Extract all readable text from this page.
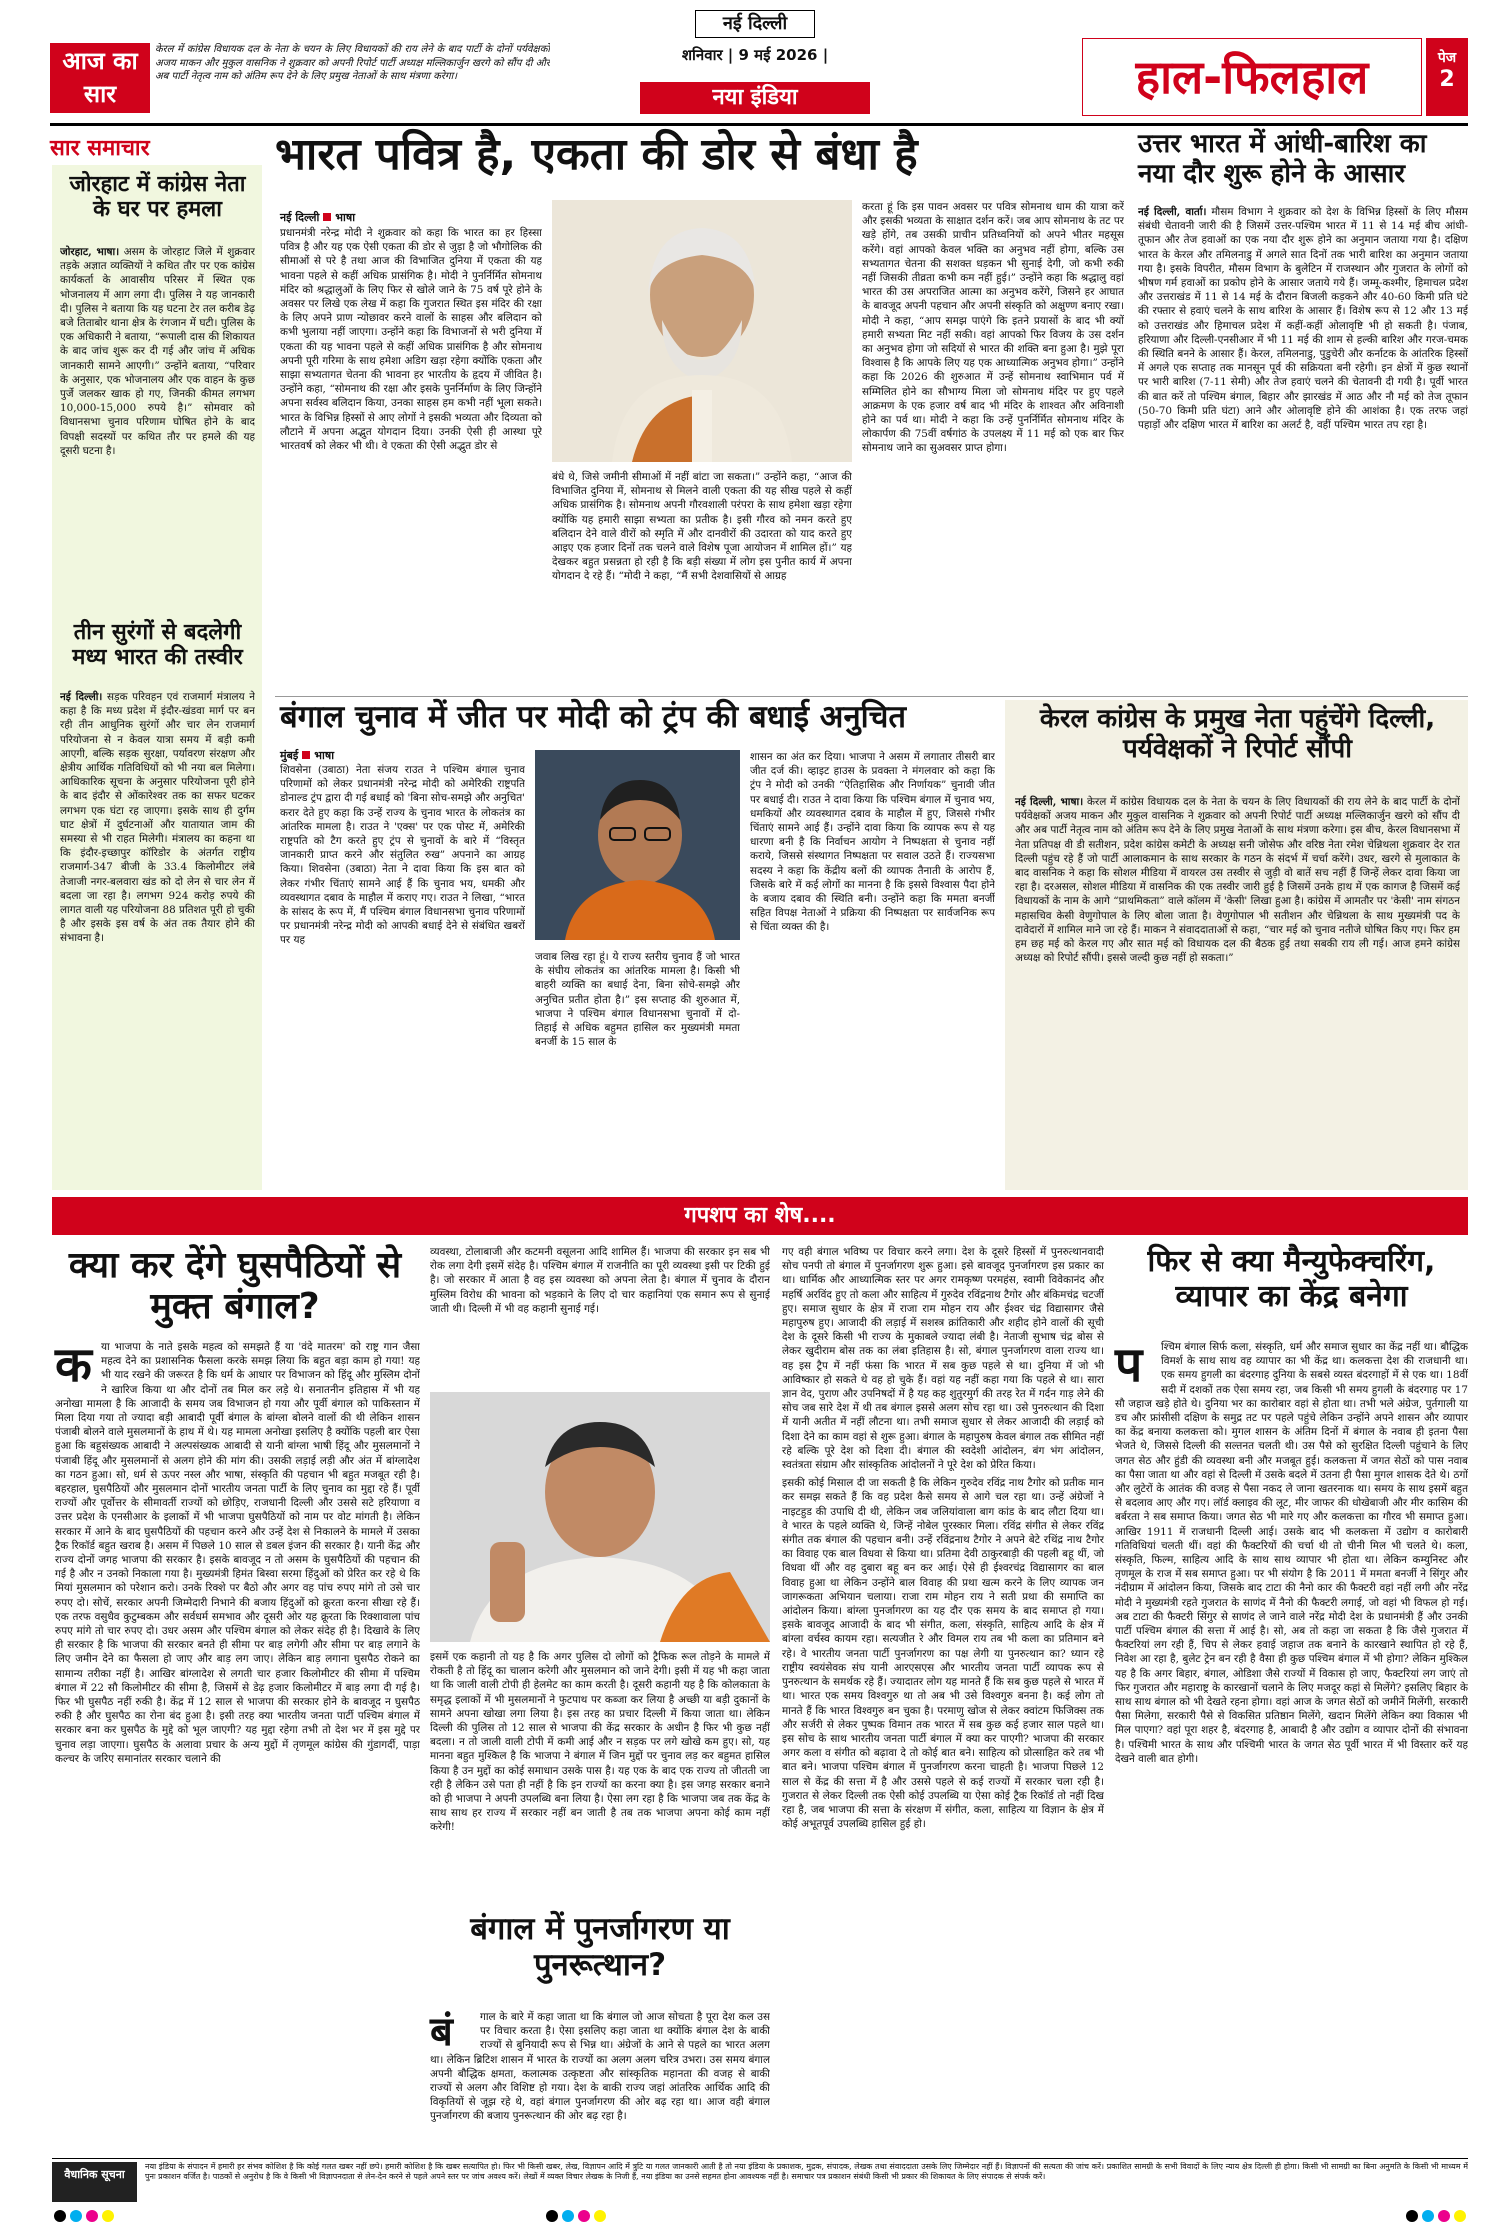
आज का सार
केरल में कांग्रेस विधायक दल के नेता के चयन के लिए विधायकों की राय लेने के बाद पार्टी के दोनों पर्यवेक्षकों अजय माकन और मुकुल वासनिक ने शुक्रवार को अपनी रिपोर्ट पार्टी अध्यक्ष मल्लिकार्जुन खरगे को सौंप दी और अब पार्टी नेतृत्व नाम को अंतिम रूप देने के लिए प्रमुख नेताओं के साथ मंत्रणा करेगा।
नई दिल्ली
शनिवार | 9 मई 2026 |
नया इंडिया	हाल-फिलहाल	पेज
2
सार समाचार
जोरहाट में कांग्रेस नेता के घर पर हमला
जोरहाट, भाषा। असम के जोरहाट जिले में शुक्रवार तड़के अज्ञात व्यक्तियों ने कथित तौर पर एक कांग्रेस कार्यकर्ता के आवासीय परिसर में स्थित एक भोजनालय में आग लगा दी। पुलिस ने यह जानकारी दी। पुलिस ने बताया कि यह घटना टेर तल करीब डेढ़ बजे तिताबोर थाना क्षेत्र के रंगजान में घटी। पुलिस के एक अधिकारी ने बताया, “रूपाली दास की शिकायत के बाद जांच शुरू कर दी गई और जांच में अधिक जानकारी सामने आएगी।” उन्होंने बताया, “परिवार के अनुसार, एक भोजनालय और एक वाहन के कुछ पुर्जे जलकर खाक हो गए, जिनकी कीमत लगभग 10,000-15,000 रुपये है।” सोमवार को विधानसभा चुनाव परिणाम घोषित होने के बाद विपक्षी सदस्यों पर कथित तौर पर हमले की यह दूसरी घटना है।
तीन सुरंगों से बदलेगी मध्य भारत की तस्वीर
नई दिल्ली। सड़क परिवहन एवं राजमार्ग मंत्रालय ने कहा है कि मध्य प्रदेश में इंदौर-खंडवा मार्ग पर बन रही तीन आधुनिक सुरंगों और चार लेन राजमार्ग परियोजना से न केवल यात्रा समय में बड़ी कमी आएगी, बल्कि सड़क सुरक्षा, पर्यावरण संरक्षण और क्षेत्रीय आर्थिक गतिविधियों को भी नया बल मिलेगा। आधिकारिक सूचना के अनुसार परियोजना पूरी होने के बाद इंदौर से ओंकारेश्वर तक का सफर घटकर लगभग एक घंटा रह जाएगा। इसके साथ ही दुर्गम घाट क्षेत्रों में दुर्घटनाओं और यातायात जाम की समस्या से भी राहत मिलेगी। मंत्रालय का कहना था कि इंदौर-इच्छापुर कॉरिडोर के अंतर्गत राष्ट्रीय राजमार्ग-347 बीजी के 33.4 किलोमीटर लंबे तेजाजी नगर-बलवारा खंड को दो लेन से चार लेन में बदला जा रहा है। लगभग 924 करोड़ रुपये की लागत वाली यह परियोजना 88 प्रतिशत पूरी हो चुकी है और इसके इस वर्ष के अंत तक तैयार होने की संभावना है।
भारत पवित्र है, एकता की डोर से बंधा है
नई दिल्ली भाषा
प्रधानमंत्री नरेन्द्र मोदी ने शुक्रवार को कहा कि भारत का हर हिस्सा पवित्र है और यह एक ऐसी एकता की डोर से जुड़ा है जो भौगोलिक की सीमाओं से परे है तथा आज की विभाजित दुनिया में एकता की यह भावना पहले से कहीं अधिक प्रासंगिक है। मोदी ने पुनर्निर्मित सोमनाथ मंदिर को श्रद्धालुओं के लिए फिर से खोले जाने के 75 वर्ष पूरे होने के अवसर पर लिखे एक लेख में कहा कि गुजरात स्थित इस मंदिर की रक्षा के लिए अपने प्राण न्योछावर करने वालों के साहस और बलिदान को कभी भुलाया नहीं जाएगा। उन्होंने कहा कि विभाजनों से भरी दुनिया में एकता की यह भावना पहले से कहीं अधिक प्रासंगिक है और सोमनाथ अपनी पूरी गरिमा के साथ हमेशा अडिग खड़ा रहेगा क्योंकि एकता और साझा सभ्यतागत चेतना की भावना हर भारतीय के हृदय में जीवित है। उन्होंने कहा, “सोमनाथ की रक्षा और इसके पुनर्निर्माण के लिए जिन्होंने अपना सर्वस्व बलिदान किया, उनका साहस हम कभी नहीं भूला सकते। भारत के विभिन्न हिस्सों से आए लोगों ने इसकी भव्यता और दिव्यता को लौटाने में अपना अद्भुत योगदान दिया। उनकी ऐसी ही आस्था पूरे भारतवर्ष को लेकर भी थी। वे एकता की ऐसी अद्भुत डोर से
बंधे थे, जिसे जमीनी सीमाओं में नहीं बांटा जा सकता।” उन्होंने कहा, “आज की विभाजित दुनिया में, सोमनाथ से मिलने वाली एकता की यह सीख पहले से कहीं अधिक प्रासंगिक है। सोमनाथ अपनी गौरवशाली परंपरा के साथ हमेशा खड़ा रहेगा क्योंकि यह हमारी साझा सभ्यता का प्रतीक है। इसी गौरव को नमन करते हुए बलिदान देने वाले वीरों को स्मृति में और दानवीरों की उदारता को याद करते हुए आइए एक हजार दिनों तक चलने वाले विशेष पूजा आयोजन में शामिल हों।” यह देखकर बहुत प्रसन्नता हो रही है कि बड़ी संख्या में लोग इस पुनीत कार्य में अपना योगदान दे रहे हैं। “मोदी ने कहा, “मैं सभी देशवासियों से आग्रह
करता हूं कि इस पावन अवसर पर पवित्र सोमनाथ धाम की यात्रा करें और इसकी भव्यता के साक्षात दर्शन करें। जब आप सोमनाथ के तट पर खड़े होंगे, तब उसकी प्राचीन प्रतिध्वनियों को अपने भीतर महसूस करेंगे। वहां आपको केवल भक्ति का अनुभव नहीं होगा, बल्कि उस सभ्यतागत चेतना की सशक्त धड़कन भी सुनाई देगी, जो कभी रुकी नहीं जिसकी तीव्रता कभी कम नहीं हुई।” उन्होंने कहा कि श्रद्धालु वहां भारत की उस अपराजित आत्मा का अनुभव करेंगे, जिसने हर आघात के बावजूद अपनी पहचान और अपनी संस्कृति को अक्षुण्ण बनाए रखा। मोदी ने कहा, “आप समझ पाएंगे कि इतने प्रयासों के बाद भी क्यों हमारी सभ्यता मिट नहीं सकी। वहां आपको फिर विजय के उस दर्शन का अनुभव होगा जो सदियों से भारत की शक्ति बना हुआ है। मुझे पूरा विश्वास है कि आपके लिए यह एक आध्यात्मिक अनुभव होगा।” उन्होंने कहा कि 2026 की शुरुआत में उन्हें सोमनाथ स्वाभिमान पर्व में सम्मिलित होने का सौभाग्य मिला जो सोमनाथ मंदिर पर हुए पहले आक्रमण के एक हजार वर्ष बाद भी मंदिर के शाश्वत और अविनाशी होने का पर्व था। मोदी ने कहा कि उन्हें पुनर्निर्मित सोमनाथ मंदिर के लोकार्पण की 75वीं वर्षगांठ के उपलक्ष्य में 11 मई को एक बार फिर सोमनाथ जाने का सुअवसर प्राप्त होगा।
उत्तर भारत में आंधी-बारिश का नया दौर शुरू होने के आसार
नई दिल्ली, वार्ता। मौसम विभाग ने शुक्रवार को देश के विभिन्न हिस्सों के लिए मौसम संबंधी चेतावनी जारी की है जिसमें उत्तर-पश्चिम भारत में 11 से 14 मई बीच आंधी-तूफान और तेज हवाओं का एक नया दौर शुरू होने का अनुमान जताया गया है। दक्षिण भारत के केरल और तमिलनाडु में अगले सात दिनों तक भारी बारिश का अनुमान जताया गया है। इसके विपरीत, मौसम विभाग के बुलेटिन में राजस्थान और गुजरात के लोगों को भीषण गर्म हवाओं का प्रकोप होने के आसार जताये गये हैं। जम्मू-कश्मीर, हिमाचल प्रदेश और उत्तराखंड में 11 से 14 मई के दौरान बिजली कड़कने और 40-60 किमी प्रति घंटे की रफ्तार से हवाएं चलने के साथ बारिश के आसार हैं। विशेष रूप से 12 और 13 मई को उत्तराखंड और हिमाचल प्रदेश में कहीं-कहीं ओलावृष्टि भी हो सकती है। पंजाब, हरियाणा और दिल्ली-एनसीआर में भी 11 मई की शाम से हल्की बारिश और गरज-चमक की स्थिति बनने के आसार हैं। केरल, तमिलनाडु, पुडुचेरी और कर्नाटक के आंतरिक हिस्सों में अगले एक सप्ताह तक मानसून पूर्व की सक्रियता बनी रहेगी। इन क्षेत्रों में कुछ स्थानों पर भारी बारिश (7-11 सेमी) और तेज हवाएं चलने की चेतावनी दी गयी है। पूर्वी भारत की बात करें तो पश्चिम बंगाल, बिहार और झारखंड में आठ और नौ मई को तेज तूफान (50-70 किमी प्रति घंटा) आने और ओलावृष्टि होने की आशंका है। एक तरफ जहां पहाड़ों और दक्षिण भारत में बारिश का अलर्ट है, वहीं पश्चिम भारत तप रहा है।
बंगाल चुनाव में जीत पर मोदी को ट्रंप की बधाई अनुचित
मुंबई भाषा
शिवसेना (उबाठा) नेता संजय राउत ने पश्चिम बंगाल चुनाव परिणामों को लेकर प्रधानमंत्री नरेन्द्र मोदी को अमेरिकी राष्ट्रपति डोनाल्ड ट्रंप द्वारा दी गई बधाई को 'बिना सोच-समझे और अनुचित' करार देते हुए कहा कि उन्हें राज्य के चुनाव भारत के लोकतंत्र का आंतरिक मामला है। राउत ने 'एक्स' पर एक पोस्ट में, अमेरिकी राष्ट्रपति को टैग करते हुए ट्रंप से चुनावों के बारे में “विस्तृत जानकारी प्राप्त करने और संतुलित रुख” अपनाने का आग्रह किया। शिवसेना (उबाठा) नेता ने दावा किया कि इस बात को लेकर गंभीर चिंताएं सामने आई हैं कि चुनाव भय, धमकी और व्यवस्थागत दबाव के माहौल में कराए गए। राउत ने लिखा, “भारत के सांसद के रूप में, मैं पश्चिम बंगाल विधानसभा चुनाव परिणामों पर प्रधानमंत्री नरेन्द्र मोदी को आपकी बधाई देने से संबंधित खबरों पर यह
जवाब लिख रहा हूं। ये राज्य स्तरीय चुनाव हैं जो भारत के संघीय लोकतंत्र का आंतरिक मामला है। किसी भी बाहरी व्यक्ति का बधाई देना, बिना सोचे-समझे और अनुचित प्रतीत होता है।” इस सप्ताह की शुरुआत में, भाजपा ने पश्चिम बंगाल विधानसभा चुनावों में दो-तिहाई से अधिक बहुमत हासिल कर मुख्यमंत्री ममता बनर्जी के 15 साल के
शासन का अंत कर दिया। भाजपा ने असम में लगातार तीसरी बार जीत दर्ज की। व्हाइट हाउस के प्रवक्ता ने मंगलवार को कहा कि ट्रंप ने मोदी को उनकी “ऐतिहासिक और निर्णायक” चुनावी जीत पर बधाई दी। राउत ने दावा किया कि पश्चिम बंगाल में चुनाव भय, धमकियों और व्यवस्थागत दबाव के माहौल में हुए, जिससे गंभीर चिंताएं सामने आई हैं। उन्होंने दावा किया कि व्यापक रूप से यह धारणा बनी है कि निर्वाचन आयोग ने निष्पक्षता से चुनाव नहीं कराये, जिससे संस्थागत निष्पक्षता पर सवाल उठते हैं। राज्यसभा सदस्य ने कहा कि केंद्रीय बलों की व्यापक तैनाती के आरोप हैं, जिसके बारे में कई लोगों का मानना है कि इससे विश्वास पैदा होने के बजाय दबाव की स्थिति बनी। उन्होंने कहा कि ममता बनर्जी सहित विपक्ष नेताओं ने प्रक्रिया की निष्पक्षता पर सार्वजनिक रूप से चिंता व्यक्त की है।
केरल कांग्रेस के प्रमुख नेता पहुंचेंगे दिल्ली, पर्यवेक्षकों ने रिपोर्ट सौंपी
नई दिल्ली, भाषा। केरल में कांग्रेस विधायक दल के नेता के चयन के लिए विधायकों की राय लेने के बाद पार्टी के दोनों पर्यवेक्षकों अजय माकन और मुकुल वासनिक ने शुक्रवार को अपनी रिपोर्ट पार्टी अध्यक्ष मल्लिकार्जुन खरगे को सौंप दी और अब पार्टी नेतृत्व नाम को अंतिम रूप देने के लिए प्रमुख नेताओं के साथ मंत्रणा करेगा। इस बीच, केरल विधानसभा में नेता प्रतिपक्ष वी डी सतीशन, प्रदेश कांग्रेस कमेटी के अध्यक्ष सनी जोसेफ और वरिष्ठ नेता रमेश चेन्निथला शुक्रवार देर रात दिल्ली पहुंच रहे हैं जो पार्टी आलाकमान के साथ सरकार के गठन के संदर्भ में चर्चा करेंगे। उधर, खरगे से मुलाकात के बाद वासनिक ने कहा कि सोशल मीडिया में वायरल उस तस्वीर से जुड़ी वो बातें सच नहीं हैं जिन्हें लेकर दावा किया जा रहा है। दरअसल, सोशल मीडिया में वासनिक की एक तस्वीर जारी हुई है जिसमें उनके हाथ में एक कागज है जिसमें कई विधायकों के नाम के आगे “प्राथमिकता” वाले कॉलम में 'केसी' लिखा हुआ है। कांग्रेस में आमतौर पर 'केसी' नाम संगठन महासचिव केसी वेणुगोपाल के लिए बोला जाता है। वेणुगोपाल भी सतीशन और चेन्निथला के साथ मुख्यमंत्री पद के दावेदारों में शामिल माने जा रहे हैं। माकन ने संवाददाताओं से कहा, “चार मई को चुनाव नतीजे घोषित किए गए। फिर हम हम छह मई को केरल गए और सात मई को विधायक दल की बैठक हुई तथा सबकी राय ली गई। आज हमने कांग्रेस अध्यक्ष को रिपोर्ट सौंपी। इससे जल्दी कुछ नहीं हो सकता।”
गपशप का शेष....
क्या कर देंगे घुसपैठियों से मुक्त बंगाल?
क या भाजपा के नाते इसके महत्व को समझते हैं या 'वंदे मातरम' को राष्ट्र गान जैसा महत्व देने का प्रशासनिक फैसला करके समझ लिया कि बहुत बड़ा काम हो गया! यह भी याद रखने की जरूरत है कि धर्म के आधार पर विभाजन को हिंदू और मुस्लिम दोनों ने खारिज किया था और दोनों तब मिल कर लड़े थे। सनातनीन इतिहास में भी यह अनोखा मामला है कि आजादी के समय जब विभाजन हो गया और पूर्वी बंगाल को पाकिस्तान में मिला दिया गया तो ज्यादा बड़ी आबादी पूर्वी बंगाल के बांग्ला बोलने वालों की थी लेकिन शासन पंजाबी बोलने वाले मुसलमानों के हाथ में थे। यह मामला अनोखा इसलिए है क्योंकि पहली बार ऐसा हुआ कि बहुसंख्यक आबादी ने अल्पसंख्यक आबादी से यानी बांग्ला भाषी हिंदू और मुसलमानों ने पंजाबी हिंदू और मुसलमानों से अलग होने की मांग की। उसकी लड़ाई लड़ी और अंत में बांग्लादेश का गठन हुआ। सो, धर्म से ऊपर नस्ल और भाषा, संस्कृति की पहचान भी बहुत मजबूत रही है। बहरहाल, घुसपैठियों और मुसलमान दोनों भारतीय जनता पार्टी के लिए चुनाव का मुद्दा रहे हैं। पूर्वी राज्यों और पूर्वोत्तर के सीमावर्ती राज्यों को छोड़िए, राजधानी दिल्ली और उससे सटे हरियाणा व उत्तर प्रदेश के एनसीआर के इलाकों में भी भाजपा घुसपैठियों को नाम पर वोट मांगती है। लेकिन सरकार में आने के बाद घुसपैठियों की पहचान करने और उन्हें देश से निकालने के मामले में उसका ट्रैक रिकॉर्ड बहुत खराब है। असम में पिछले 10 साल से डबल इंजन की सरकार है। यानी केंद्र और राज्य दोनों जगह भाजपा की सरकार है। इसके बावजूद न तो असम के घुसपैठियों की पहचान की गई है और न उनको निकाला गया है। मुख्यमंत्री हिमंत बिस्वा सरमा हिंदुओं को प्रेरित कर रहे थे कि मियां मुसलमान को परेशान करो। उनके रिक्शे पर बैठो और अगर वह पांच रुपए मांगे तो उसे चार रुपए दो। सोचें, सरकार अपनी जिम्मेदारी निभाने की बजाय हिंदुओं को क्रूरता करना सीखा रहे हैं। एक तरफ वसुधैव कुटुम्बकम और सर्वधर्म समभाव और दूसरी ओर यह क्रूरता कि रिक्शावाला पांच रुपए मांगे तो चार रुपए दो। उधर असम और पश्चिम बंगाल को लेकर संदेह ही है। दिखावे के लिए ही सरकार है कि भाजपा की सरकार बनते ही सीमा पर बाड़ लगेगी और सीमा पर बाड़ लगाने के लिए जमीन देने का फैसला हो जाए और बाड़ लग जाए। लेकिन बाड़ लगाना घुसपैठ रोकने का सामान्य तरीका नहीं है। आखिर बांग्लादेश से लगती चार हजार किलोमीटर की सीमा में पश्चिम बंगाल में 22 सौ किलोमीटर की सीमा है, जिसमें से डेढ़ हजार किलोमीटर में बाड़ लगा दी गई है। फिर भी घुसपैठ नहीं रुकी है। केंद्र में 12 साल से भाजपा की सरकार होने के बावजूद न घुसपैठ रुकी है और घुसपैठ का रोना बंद हुआ है। इसी तरह क्या भारतीय जनता पार्टी पश्चिम बंगाल में सरकार बना कर घुसपैठ के मुद्दे को भूल जाएगी? यह मुद्दा रहेगा तभी तो देश भर में इस मुद्दे पर चुनाव लड़ा जाएगा। घुसपैठ के अलावा प्रचार के अन्य मुद्दों में तृणमूल कांग्रेस की गुंडागर्दी, पाड़ा कल्चर के जरिए समानांतर सरकार चलाने की
व्यवस्था, टोलाबाजी और कटमनी वसूलना आदि शामिल हैं। भाजपा की सरकार इन सब भी रोक लगा देगी इसमें संदेह है। पश्चिम बंगाल में राजनीति का पूरी व्यवस्था इसी पर टिकी हुई है। जो सरकार में आता है वह इस व्यवस्था को अपना लेता है। बंगाल में चुनाव के दौरान मुस्लिम विरोध की भावना को भड़काने के लिए दो चार कहानियां एक समान रूप से सुनाई जाती थी। दिल्ली में भी वह कहानी सुनाई गई।
इसमें एक कहानी तो यह है कि अगर पुलिस दो लोगों को ट्रैफिक रूल तोड़ने के मामले में रोकती है तो हिंदू का चालान करेगी और मुसलमान को जाने देगी। इसी में यह भी कहा जाता था कि जाली वाली टोपी ही हेलमेट का काम करती है। दूसरी कहानी यह है कि कोलकाता के समृद्ध इलाकों में भी मुसलमानों ने फुटपाथ पर कब्जा कर लिया है अच्छी या बड़ी दुकानों के सामने अपना खोखा लगा लिया है। इस तरह का प्रचार दिल्ली में किया जाता था। लेकिन दिल्ली की पुलिस तो 12 साल से भाजपा की केंद्र सरकार के अधीन है फिर भी कुछ नहीं बदला। न तो जाली वाली टोपी में कमी आई और न सड़क पर लगे खोखे कम हुए। सो, यह मानना बहुत मुश्किल है कि भाजपा ने बंगाल में जिन मुद्दों पर चुनाव लड़ कर बहुमत हासिल किया है उन मुद्दों का कोई समाधान उसके पास है। यह एक के बाद एक राज्य तो जीतती जा रही है लेकिन उसे पता ही नहीं है कि इन राज्यों का करना क्या है। इस जगह सरकार बनाने को ही भाजपा ने अपनी उपलब्धि बना लिया है। ऐसा लग रहा है कि भाजपा जब तक केंद्र के साथ साथ हर राज्य में सरकार नहीं बन जाती है तब तक भाजपा अपना कोई काम नहीं करेगी!
बंगाल में पुनर्जागरण या पुनरूत्थान?
बं	गाल के बारे में कहा जाता था कि बंगाल जो आज सोचता है पूरा देश कल उस पर विचार करता है। ऐसा इसलिए कहा जाता था क्योंकि बंगाल देश के बाकी राज्यों से बुनियादी रूप से भिन्न था। अंग्रेजों के आने से पहले का भारत अलग था। लेकिन ब्रिटिश शासन में भारत के राज्यों का अलग अलग चरित्र उभरा। उस समय बंगाल अपनी बौद्धिक क्षमता, कलात्मक उत्कृष्टता और सांस्कृतिक महानता की वजह से बाकी राज्यों से अलग और विशिष्ट हो गया। देश के बाकी राज्य जहां आंतरिक आर्थिक आदि की विकृतियों से जूझ रहे थे, वहां बंगाल पुनर्जागरण की ओर बढ़ रहा था। आज वही बंगाल पुनर्जागरण की बजाय पुनरूत्थान की ओर बढ़ रहा है।

गए वही बंगाल भविष्य पर विचार करने लगा। देश के दूसरे हिस्सों में पुनरुत्थानवादी सोच पनपी तो बंगाल में पुनर्जागरण शुरू हुआ। इसे बावजूद पुनर्जागरण इस प्रकार का था। धार्मिक और आध्यात्मिक स्तर पर अगर रामकृष्ण परमहंस, स्वामी विवेकानंद और महर्षि अरविंद हुए तो कला और साहित्य में गुरुदेव रविंद्रनाथ टैगोर और बंकिमचंद्र चटर्जी हुए। समाज सुधार के क्षेत्र में राजा राम मोहन राय और ईश्वर चंद्र विद्यासागर जैसे महापुरुष हुए। आजादी की लड़ाई में सशस्त्र क्रांतिकारी और शहीद होने वालों की सूची देश के दूसरे किसी भी राज्य के मुकाबले ज्यादा लंबी है। नेताजी सुभाष चंद्र बोस से लेकर खुदीराम बोस तक का लंबा इतिहास है। सो, बंगाल पुनर्जागरण वाला राज्य था। वह इस ट्रैप में नहीं फंसा कि भारत में सब कुछ पहले से था। दुनिया में जो भी आविष्कार हो सकते थे वह हो चुके हैं। वहां यह नहीं कहा गया कि पहले से था। सारा ज्ञान वेद, पुराण और उपनिषदों में है यह कह शुतुरमुर्ग की तरह रेत में गर्दन गाड़ लेने की सोच जब सारे देश में थी तब बंगाल इससे अलग सोच रहा था। उसे पुनरुत्थान की दिशा में यानी अतीत में नहीं लौटना था। तभी समाज सुधार से लेकर आजादी की लड़ाई को दिशा देने का काम वहां से शुरू हुआ। बंगाल के महापुरुष केवल बंगाल तक सीमित नहीं रहे बल्कि पूरे देश को दिशा दी। बंगाल की स्वदेशी आंदोलन, बंग भंग आंदोलन, स्वतंत्रता संग्राम और सांस्कृतिक आंदोलनों ने पूरे देश को प्रेरित किया।

इसकी कोई मिसाल दी जा सकती है कि लेकिन गुरुदेव रविंद्र नाथ टैगोर को प्रतीक मान कर समझ सकते हैं कि वह प्रदेश कैसे समय से आगे चल रहा था। उन्हें अंग्रेजों ने नाइटहुड की उपाधि दी थी, लेकिन जब जलियांवाला बाग कांड के बाद लौटा दिया था। वे भारत के पहले व्यक्ति थे, जिन्हें नोबेल पुरस्कार मिला। रविंद्र संगीत से लेकर रविंद्र संगीत तक बंगाल की पहचान बनी। उन्हें रविंद्रनाथ टैगोर ने अपने बेटे रथिंद्र नाथ टैगोर का विवाह एक बाल विधवा से किया था। प्रतिमा देवी ठाकुरबाड़ी की पहली बहू थीं, जो विधवा थीं और वह दुबारा बहू बन कर आई। ऐसे ही ईश्वरचंद्र विद्यासागर का बाल विवाह हुआ था लेकिन उन्होंने बाल विवाह की प्रथा खत्म करने के लिए व्यापक जन जागरूकता अभियान चलाया। राजा राम मोहन राय ने सती प्रथा की समाप्ति का आंदोलन किया। बांग्ला पुनर्जागरण का यह दौर एक समय के बाद समाप्त हो गया। इसके बावजूद आजादी के बाद भी संगीत, कला, संस्कृति, साहित्य आदि के क्षेत्र में बांग्ला वर्चस्व कायम रहा। सत्यजीत रे और विमल राय तब भी कला का प्रतिमान बने रहे। वे भारतीय जनता पार्टी पुनर्जागरण का पक्ष लेगी या पुनरुत्थान का? ध्यान रहे राष्ट्रीय स्वयंसेवक संघ यानी आरएसएस और भारतीय जनता पार्टी व्यापक रूप से पुनरुत्थान के समर्थक रहे हैं। ज्यादातर लोग यह मानते हैं कि सब कुछ पहले से भारत में था। भारत एक समय विश्वगुरु था तो अब भी उसे विश्वगुरु बनना है। कई लोग तो मानते हैं कि भारत विश्वगुरु बन चुका है। परमाणु खोज से लेकर क्वांटम फिजिक्स तक और सर्जरी से लेकर पुष्पक विमान तक भारत में सब कुछ कई हजार साल पहले था। इस सोच के साथ भारतीय जनता पार्टी बंगाल में क्या कर पाएगी? भाजपा की सरकार अगर कला व संगीत को बढ़ावा दे तो कोई बात बने। साहित्य को प्रोत्साहित करे तब भी बात बने। भाजपा पश्चिम बंगाल में पुनर्जागरण करना चाहती है। भाजपा पिछले 12 साल से केंद्र की सत्ता में है और उससे पहले से कई राज्यों में सरकार चला रही है। गुजरात से लेकर दिल्ली तक ऐसी कोई उपलब्धि या ऐसा कोई ट्रैक रिकॉर्ड तो नहीं दिख रहा है, जब भाजपा की सत्ता के संरक्षण में संगीत, कला, साहित्य या विज्ञान के क्षेत्र में कोई अभूतपूर्व उपलब्धि हासिल हुई हो।

फिर से क्या मैन्युफेक्चरिंग, व्यापार का केंद्र बनेगा
प	श्चिम बंगाल सिर्फ कला, संस्कृति, धर्म और समाज सुधार का केंद्र नहीं था। बौद्धिक विमर्श के साथ साथ वह व्यापार का भी केंद्र था। कलकत्ता देश की राजधानी था। एक समय हुगली का बंदरगाह दुनिया के सबसे व्यस्त बंदरगाहों में से एक था। 18वीं सदी में दशकों तक ऐसा समय रहा, जब किसी भी समय हुगली के बंदरगाह पर 17 सौ जहाज खड़े होते थे। दुनिया भर का कारोबार वहां से होता था। तभी भले अंग्रेज, पुर्तगाली या डच और फ्रांसीसी दक्षिण के समुद्र तट पर पहले पहुंचे लेकिन उन्होंने अपने शासन और व्यापार का केंद्र बनाया कलकत्ता को। मुगल शासन के अंतिम दिनों में बंगाल के नवाब ही इतना पैसा भेजते थे, जिससे दिल्ली की सल्तनत चलती थी। उस पैसे को सुरक्षित दिल्ली पहुंचाने के लिए जगत सेठ और हुंडी की व्यवस्था बनी और मजबूत हुई। कलकत्ता में जगत सेठों को पास नवाब का पैसा जाता था और वहां से दिल्ली में उसके बदले में उतना ही पैसा मुगल शासक देते थे। ठगों और लुटेरों के आतंक की वजह से पैसा नकद ले जाना खतरनाक था। समय के साथ इसमें बहुत से बदलाव आए और गए। लॉर्ड क्लाइव की लूट, मीर जाफर की धोखेबाजी और मीर कासिम की बर्बरता ने सब समाप्त किया। जगत सेठ भी मारे गए और कलकत्ता का गौरव भी समाप्त हुआ। आखिर 1911 में राजधानी दिल्ली आई। उसके बाद भी कलकत्ता में उद्योग व कारोबारी गतिविधियां चलती थीं। वहां की फैक्टरियों की चर्चा थी तो चीनी मिल भी चलते थे। कला, संस्कृति, फिल्म, साहित्य आदि के साथ साथ व्यापार भी होता था। लेकिन कम्युनिस्ट और तृणमूल के राज में सब समाप्त हुआ। पर भी संयोग है कि 2011 में ममता बनर्जी ने सिंगुर और नंदीग्राम में आंदोलन किया, जिसके बाद टाटा की नैनो कार की फैक्टरी वहां नहीं लगी और नरेंद्र मोदी ने मुख्यमंत्री रहते गुजरात के साणंद में नैनो की फैक्टरी लगाई, जो वहां भी विफल हो गई। अब टाटा की फैक्टरी सिंगुर से साणंद ले जाने वाले नरेंद्र मोदी देश के प्रधानमंत्री हैं और उनकी पार्टी पश्चिम बंगाल की सत्ता में आई है। सो, अब तो कहा जा सकता है कि जैसे गुजरात में फैक्टरियां लग रही हैं, चिप से लेकर हवाई जहाज तक बनाने के कारखाने स्थापित हो रहे हैं, निवेश आ रहा है, बुलेट ट्रेन बन रही है वैसा ही कुछ पश्चिम बंगाल में भी होगा? लेकिन मुश्किल यह है कि अगर बिहार, बंगाल, ओडिशा जैसे राज्यों में विकास हो जाए, फैक्टरियां लग जाएं तो फिर गुजरात और महाराष्ट्र के कारखानों चलाने के लिए मजदूर कहां से मिलेंगे? इसलिए बिहार के साथ साथ बंगाल को भी देखते रहना होगा। वहां आज के जगत सेठों को जमीनें मिलेंगी, सरकारी पैसा मिलेगा, सरकारी पैसे से विकसित प्रतिष्ठान मिलेंगे, खदान मिलेंगे लेकिन क्या विकास भी मिल पाएगा? वहां पूरा शहर है, बंदरगाह है, आबादी है और उद्योग व व्यापार दोनों की संभावना है। पश्चिमी भारत के साथ और पश्चिमी भारत के जगत सेठ पूर्वी भारत में भी विस्तार करें यह देखने वाली बात होगी।
वैधानिक सूचना
नया इंडिया के संपादन में हमारी हर संभव कोशिश है कि कोई गलत खबर नहीं छपे। हमारी कोशिश है कि खबर सत्यापित हो। फिर भी किसी खबर, लेख, विज्ञापन आदि में त्रुटि या गलत जानकारी आती है तो नया इंडिया के प्रकाशक, मुद्रक, संपादक, लेखक तथा संवाददाता उसके लिए जिम्मेदार नहीं हैं। विज्ञापनों की सत्यता की जांच करें। प्रकाशित सामग्री के सभी विवादों के लिए न्याय क्षेत्र दिल्ली ही होगा। किसी भी सामग्री का बिना अनुमति के किसी भी माध्यम में पुनः प्रकाशन वर्जित है। पाठकों से अनुरोध है कि वे किसी भी विज्ञापनदाता से लेन-देन करने से पहले अपने स्तर पर जांच अवश्य करें। लेखों में व्यक्त विचार लेखक के निजी हैं, नया इंडिया का उनसे सहमत होना आवश्यक नहीं है। समाचार पत्र प्रकाशन संबंधी किसी भी प्रकार की शिकायत के लिए संपादक से संपर्क करें।
